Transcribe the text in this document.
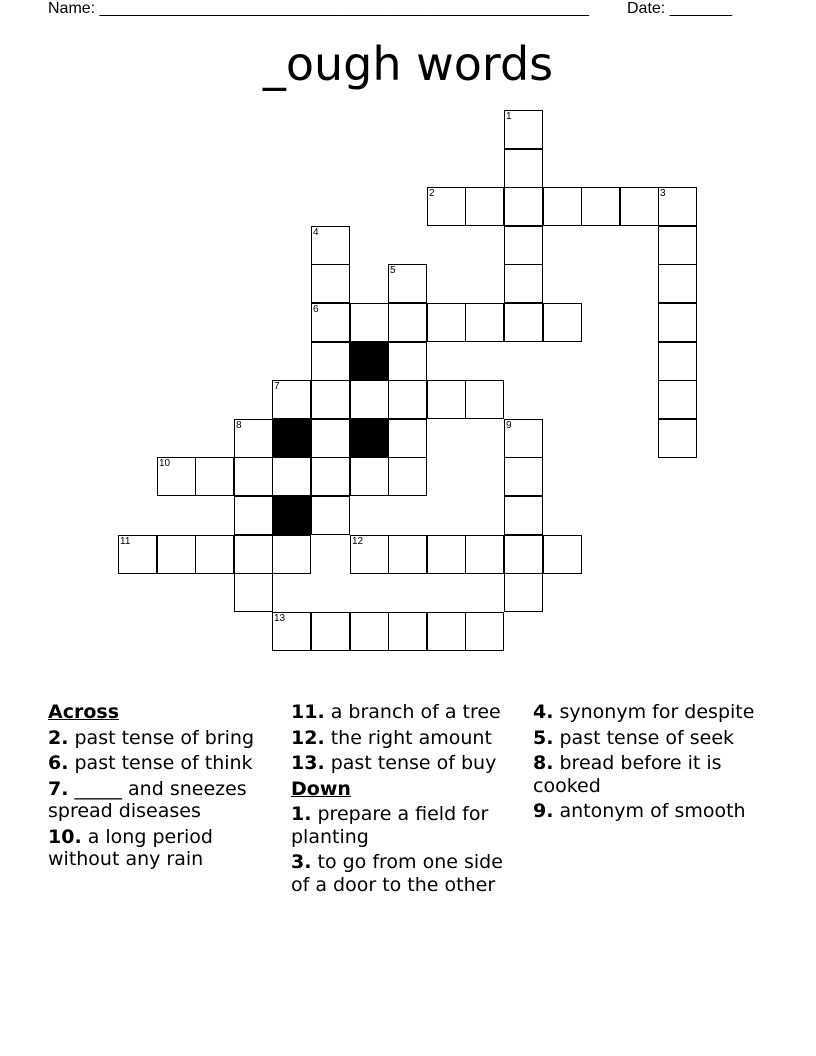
Name: _______________________________________________________ Date: _______
_ough words
1
2	3
4
6
5
7
8	9
10
11	12
13
Across
2. past tense of bring
6. past tense of think
7. _____ and sneezes spread diseases
10. a long period without any rain
11. a branch of a tree
12. the right amount
13. past tense of buy
Down
1. prepare a field for planting
3. to go from one side of a door to the other
4. synonym for despite
5. past tense of seek
8. bread before it is cooked
9. antonym of smooth
